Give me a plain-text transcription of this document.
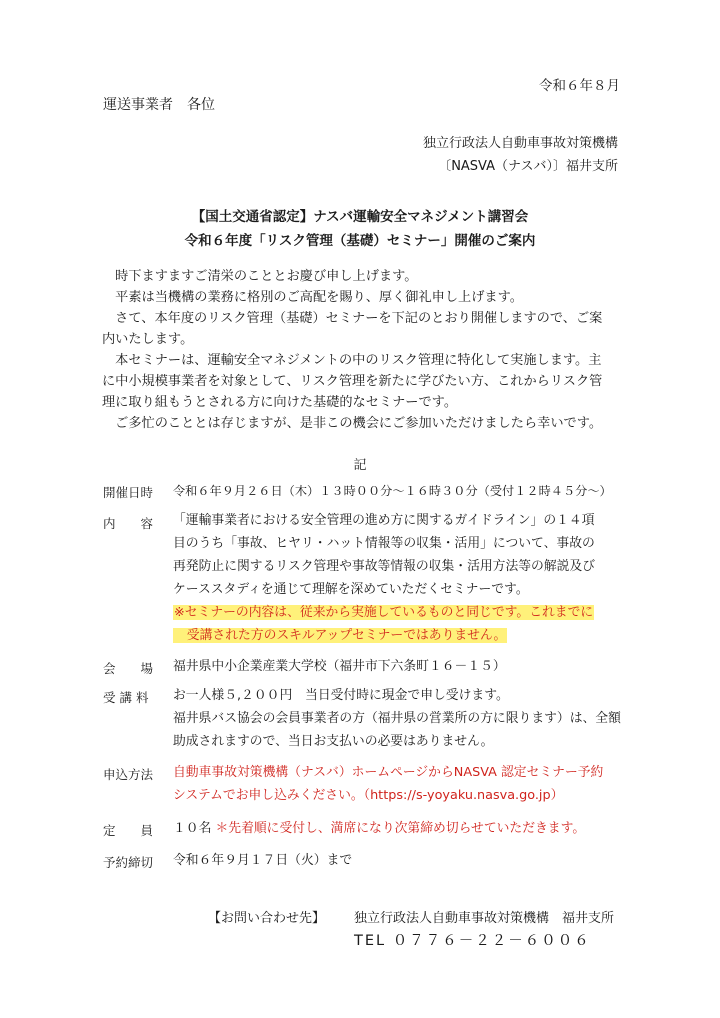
令和６年８月
運送事業者　各位
独立行政法人自動車事故対策機構
〔NASVA（ナスバ）〕福井支所
【国土交通省認定】ナスバ運輸安全マネジメント講習会
令和６年度「リスク管理（基礎）セミナー」開催のご案内
　時下ますますご清栄のこととお慶び申し上げます。
　平素は当機構の業務に格別のご高配を賜り、厚く御礼申し上げます。
　さて、本年度のリスク管理（基礎）セミナーを下記のとおり開催しますので、ご案
内いたします。
　本セミナーは、運輸安全マネジメントの中のリスク管理に特化して実施します。主
に中小規模事業者を対象として、リスク管理を新たに学びたい方、これからリスク管
理に取り組もうとされる方に向けた基礎的なセミナーです。
　ご多忙のこととは存じますが、是非この機会にご参加いただけましたら幸いです。
記
開催日時 令和６年９月２６日（木）１３時００分～１６時３０分（受付１２時４５分～）
内　　容 「運輸事業者における安全管理の進め方に関するガイドライン」の１４項
目のうち「事故、ヒヤリ・ハット情報等の収集・活用」について、事故の
再発防止に関するリスク管理や事故等情報の収集・活用方法等の解説及び
ケーススタディを通じて理解を深めていただくセミナーです。
※セミナーの内容は、従来から実施しているものと同じです。これまでに
　受講された方のスキルアップセミナーではありません。
会　　場 福井県中小企業産業大学校（福井市下六条町１６－１５）
受 講 料 お一人様５,２００円　当日受付時に現金で申し受けます。
福井県バス協会の会員事業者の方（福井県の営業所の方に限ります）は、全額
助成されますので、当日お支払いの必要はありません。
申込方法 自動車事故対策機構（ナスバ）ホームページからNASVA 認定セミナー予約
システムでお申し込みください。（https://s-yoyaku.nasva.go.jp）
定　　員 １０名 ＊先着順に受付し、満席になり次第締め切らせていただきます。
予約締切 令和６年９月１７日（火）まで
【お問い合わせ先】 独立行政法人自動車事故対策機構　福井支所
TEL ０７７６－２２－６００６
